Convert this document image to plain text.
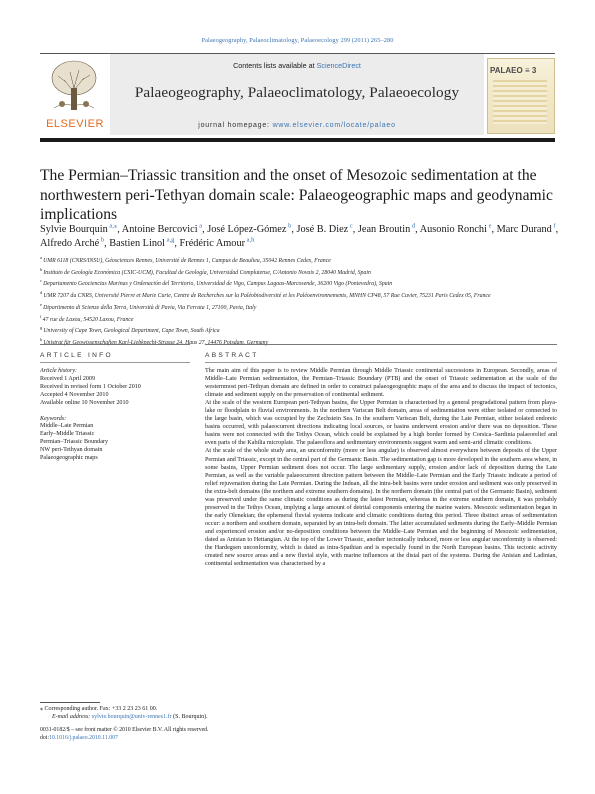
Palaeogeography, Palaeoclimatology, Palaeoecology 299 (2011) 265–280
ELSEVIER
Contents lists available at ScienceDirect
Palaeogeography, Palaeoclimatology, Palaeoecology
journal homepage: www.elsevier.com/locate/palaeo
PALAEO ≡ 3
The Permian–Triassic transition and the onset of Mesozoic sedimentation at the northwestern peri-Tethyan domain scale: Palaeogeographic maps and geodynamic implications
Sylvie Bourquin $^{a,⁎}$, Antoine Bercovici $^a$, José López-Gómez $^b$, José B. Diez $^c$, Jean Broutin $^d$, Ausonio Ronchi $^e$, Marc Durand $^f$, Alfredo Arché $^b$, Bastien Linol $^{a,g}$, Frédéric Amour $^{a,h}$
$^a$ UMR 6118 (CNRS/INSU), Géosciences Rennes, Université de Rennes 1, Campus de Beaulieu, 35042 Rennes Cedex, France
$^b$ Instituto de Geología Económica (CSIC-UCM), Facultad de Geología, Universidad Complutense, C/Antonio Novais 2, 28040 Madrid, Spain
$^c$ Departamento Geociencias Marinas y Ordenación del Territorio, Universidad de Vigo, Campus Lagoas-Marcosende, 36200 Vigo (Pontevedra), Spain
$^d$ UMR 7207 du CNRS, Université Pierre et Marie Curie, Centre de Recherches sur la Paléobiodiversité et les Paléoenvironnements, MNHN CP48, 57 Rue Cuvier, 75231 Paris Cedex 05, France
$^e$ Dipartimento di Scienze della Terra, Università di Pavia, Via Ferrata 1, 27100, Pavia, Italy
$^f$ 47 rue de Laxou, 54520 Laxou, France
$^g$ University of Cape Town, Geological Department, Cape Town, South Africa
$^h$ Unistrat für Geowissenschaften Karl-Liebknecht-Strasse 24, Haus 27, 14476 Potsdam, Germany
ARTICLE INFO	ABSTRACT
Article history:
Received 1 April 2009
Received in revised form 1 October 2010
Accepted 4 November 2010
Available online 10 November 2010
Keywords:
Middle–Late Permian
Early–Middle Triassic
Permian–Triassic Boundary
NW peri-Tethyan domain
Palaeogeographic maps

The main aim of this paper is to review Middle Permian through Middle Triassic continental successions in European. Secondly, areas of Middle–Late Permian sedimentation, the Permian–Triassic Boundary (PTB) and the onset of Triassic sedimentation at the scale of the westernmost peri-Tethyan domain are defined in order to construct palaeogeographic maps of the area and to discuss the impact of tectonics, climate and sediment supply on the preservation of continental sediment.

At the scale of the western European peri-Tethyan basins, the Upper Permian is characterised by a general progradational pattern from playa-lake or floodplain to fluvial environments. In the northern Variscan Belt domain, areas of sedimentation were either isolated or connected to the large basin, which was occupied by the Zechstein Sea. In the southern Variscan Belt, during the Late Permian, either isolated endoreic basins occurred, with palaeocurrent directions indicating local sources, or basins underwent erosion and/or there was no deposition. These basins were not connected with the Tethys Ocean, which could be explained by a high border formed by Corsica–Sardinia palaeorelief and even parts of the Kabilia microplate. The palaeoflora and sedimentary environments suggest warm and semi-arid climatic conditions.

At the scale of the whole study area, an unconformity (more or less angular) is observed almost everywhere between deposits of the Upper Permian and Triassic, except in the central part of the Germanic Basin. The sedimentation gap is more developed in the southern area where, in some basins, Upper Permian sediment does not occur. The large sedimentary supply, erosion and/or lack of deposition during the Late Permian, as well as the variable palaeocurrent direction pattern between the Middle–Late Permian and the Early Triassic indicate a period of relief rejuvenation during the Late Permian. During the Induan, all the intra-belt basins were under erosion and sediment was only preserved in the extra-belt domains (the northern and extreme southern domains). In the northern domain (the central part of the Germanic Basin), sediment was preserved under the same climatic conditions as during the latest Permian, whereas in the extreme southern domain, it was probably preserved in the Tethys Ocean, implying a large amount of detrital components entering the marine waters. Mesozoic sedimentation began in the early Olenekian; the ephemeral fluvial systems indicate arid climatic conditions during this period. Three distinct areas of sedimentation occur: a northern and southern domain, separated by an intra-belt domain. The latter accumulated sediments during the Early–Middle Permian and experienced erosion and/or no-deposition conditions between the Middle–Late Permian and the beginning of Mesozoic sedimentation, dated as Anisian to Hettangian. At the top of the Lower Triassic, another tectonically induced, more or less angular unconformity is observed: the Hardegsen unconformity, which is dated as intra-Spathian and is especially found in the North European basins. This tectonic activity created new source areas and a new fluvial style, with marine influences at the distal part of the systems. During the Anisian and Ladinian, continental sedimentation was characterised by a

⁎ Corresponding author. Fax: +33 2 23 23 61 00.
E-mail address: sylvie.bourquin@univ-rennes1.fr (S. Bourquin).
0031-0182/$ – see front matter © 2010 Elsevier B.V. All rights reserved.
doi:10.1016/j.palaeo.2010.11.007
